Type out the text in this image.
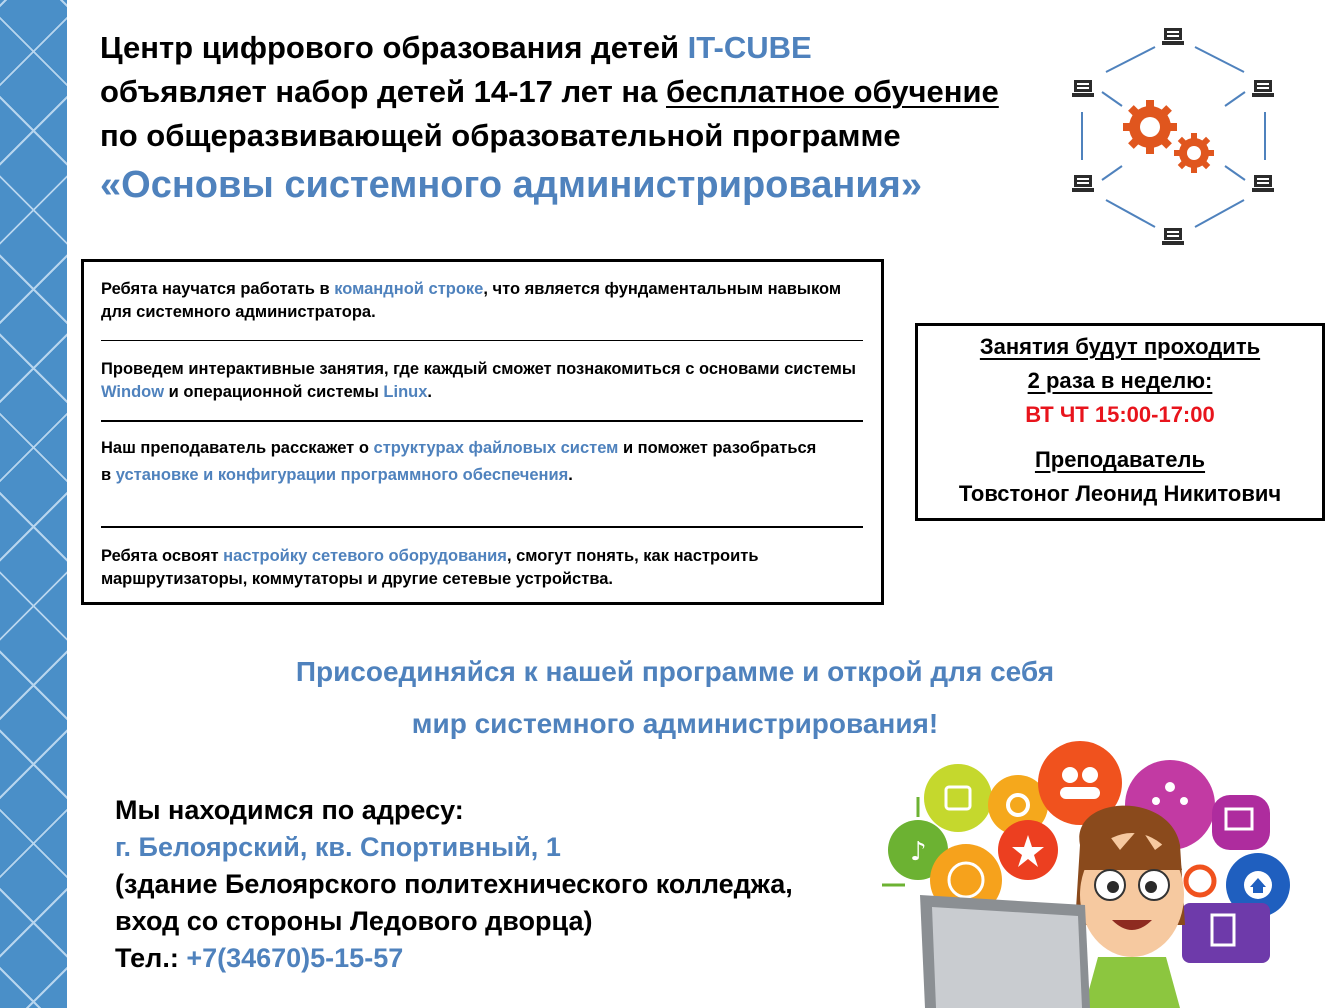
Центр цифрового образования детей IT-CUBE
объявляет набор детей 14-17 лет на бесплатное обучение
по общеразвивающей образовательной программе
«Основы системного администрирования»
Ребята научатся работать в командной строке, что является фундаментальным навыком для системного администратора.
Проведем интерактивные занятия, где каждый сможет познакомиться с основами системы Window и операционной системы Linux.
Наш преподаватель расскажет о структурах файловых систем и поможет разобраться
в установке и конфигурации программного обеспечения.
Ребята освоят настройку сетевого оборудования, смогут понять, как настроить маршрутизаторы, коммутаторы и другие сетевые устройства.
Занятия будут проходить
2 раза в неделю:
ВТ ЧТ 15:00-17:00
Преподаватель
Товстоног Леонид Никитович
Присоединяйся к нашей программе и открой для себя
мир системного администрирования!
Мы находимся по адресу:
г. Белоярский, кв. Спортивный, 1
(здание Белоярского политехнического колледжа,
вход со стороны Ледового дворца)
Тел.: +7(34670)5-15-57
♪
